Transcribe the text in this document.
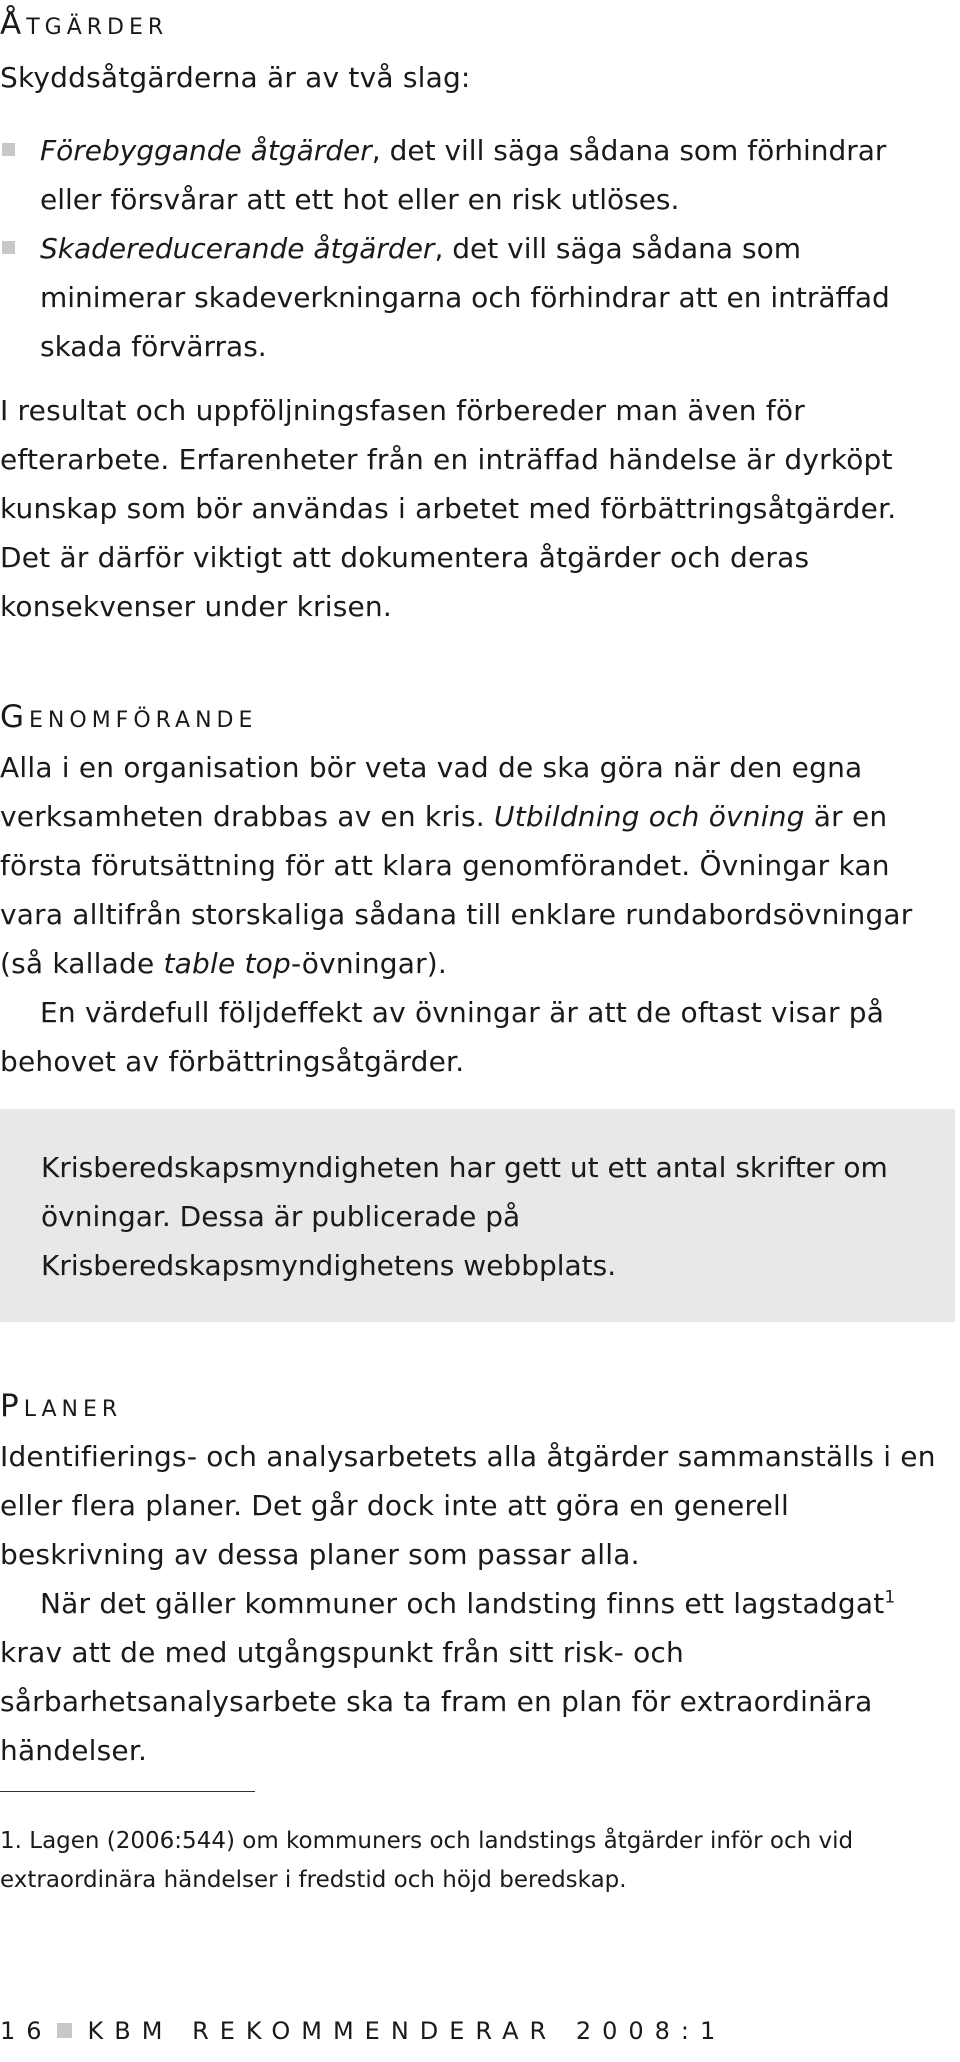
Åtgärder

Skyddsåtgärderna är av två slag:

Förebyggande åtgärder, det vill säga sådana som förhindrar eller försvårar att ett hot eller en risk utlöses.
Skadereducerande åtgärder, det vill säga sådana som minimerar skadeverkningarna och förhindrar att en inträffad skada förvärras.

I resultat och uppföljningsfasen förbereder man även för efterarbete. Erfarenheter från en inträffad händelse är dyrköpt kunskap som bör användas i arbetet med förbättringsåtgärder. Det är därför viktigt att dokumentera åtgärder och deras konsekvenser under krisen.

Genomförande

Alla i en organisation bör veta vad de ska göra när den egna verksamheten drabbas av en kris. Utbildning och övning är en första förutsättning för att klara genomförandet. Övningar kan vara alltifrån storskaliga sådana till enklare rundabordsövningar (så kallade table top-övningar).

En värdefull följdeffekt av övningar är att de oftast visar på behovet av förbättringsåtgärder.

Krisberedskapsmyndigheten har gett ut ett antal skrifter om övningar. Dessa är publicerade på Krisberedskapsmyndighetens webbplats.

Planer

Identifierings- och analysarbetets alla åtgärder sammanställs i en eller flera planer. Det går dock inte att göra en generell beskrivning av dessa planer som passar alla.

När det gäller kommuner och landsting finns ett lagstadgat$^1$ krav att de med utgångspunkt från sitt risk- och sårbarhetsanalysarbete ska ta fram en plan för extraordinära händelser.

1. Lagen (2006:544) om kommuners och landstings åtgärder inför och vid extraordinära händelser i fredstid och höjd beredskap.

16 KBM REKOMMENDERAR 2008:1
